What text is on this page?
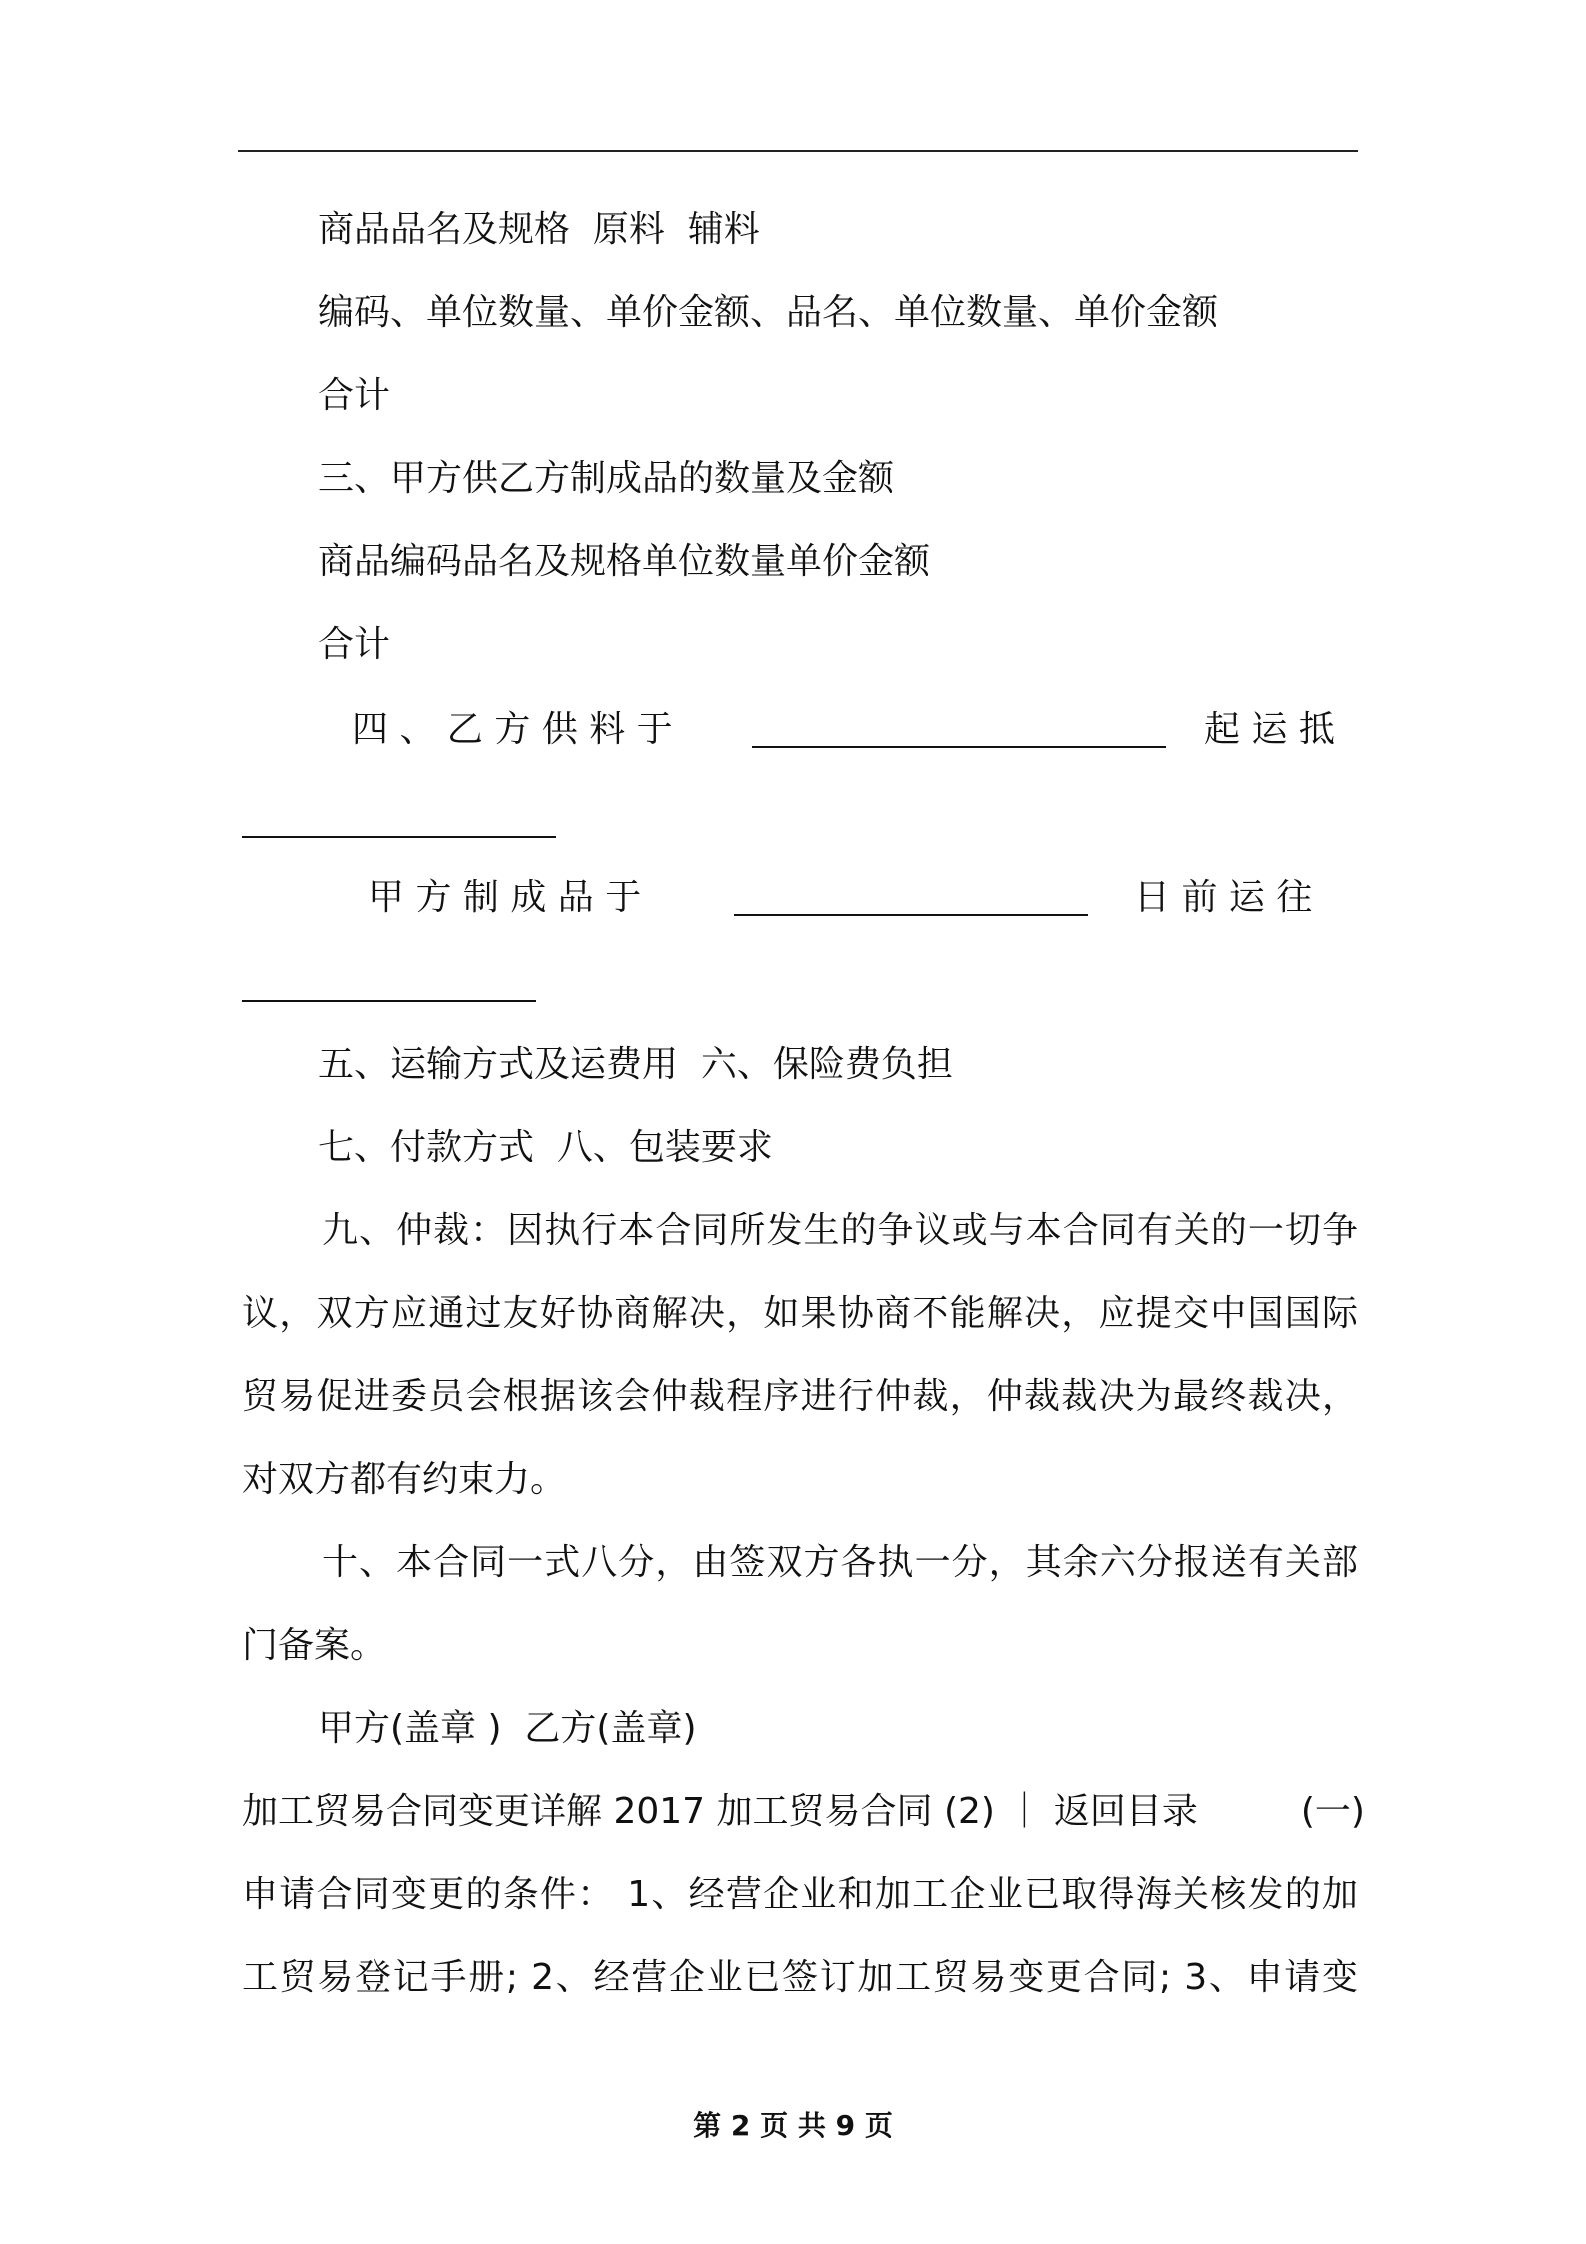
商品品名及规格  原料  辅料
编码、单位数量、单价金额、品名、单位数量、单价金额
合计
三、甲方供乙方制成品的数量及金额
商品编码品名及规格单位数量单价金额
合计
四 、 乙 方 供 料 于	起 运 抵
甲 方 制 成 品 于	日 前 运 往
五、运输方式及运费用  六、保险费负担
七、付款方式  八、包装要求
九、仲裁：因执行本合同所发生的争议或与本合同有关的一切争
议，双方应通过友好协商解决，如果协商不能解决，应提交中国国际
贸易促进委员会根据该会仲裁程序进行仲裁，仲裁裁决为最终裁决，
对双方都有约束力。
十、本合同一式八分，由签双方各执一分，其余六分报送有关部
门备案。
甲方(盖章 )  乙方(盖章)
加工贸易合同变更详解 2017 加工贸易合同 (2) ｜ 返回目录         (一)
申请合同变更的条件： 1、经营企业和加工企业已取得海关核发的加
工贸易登记手册; 2、经营企业已签订加工贸易变更合同; 3、申请变
第 2 页 共 9 页
